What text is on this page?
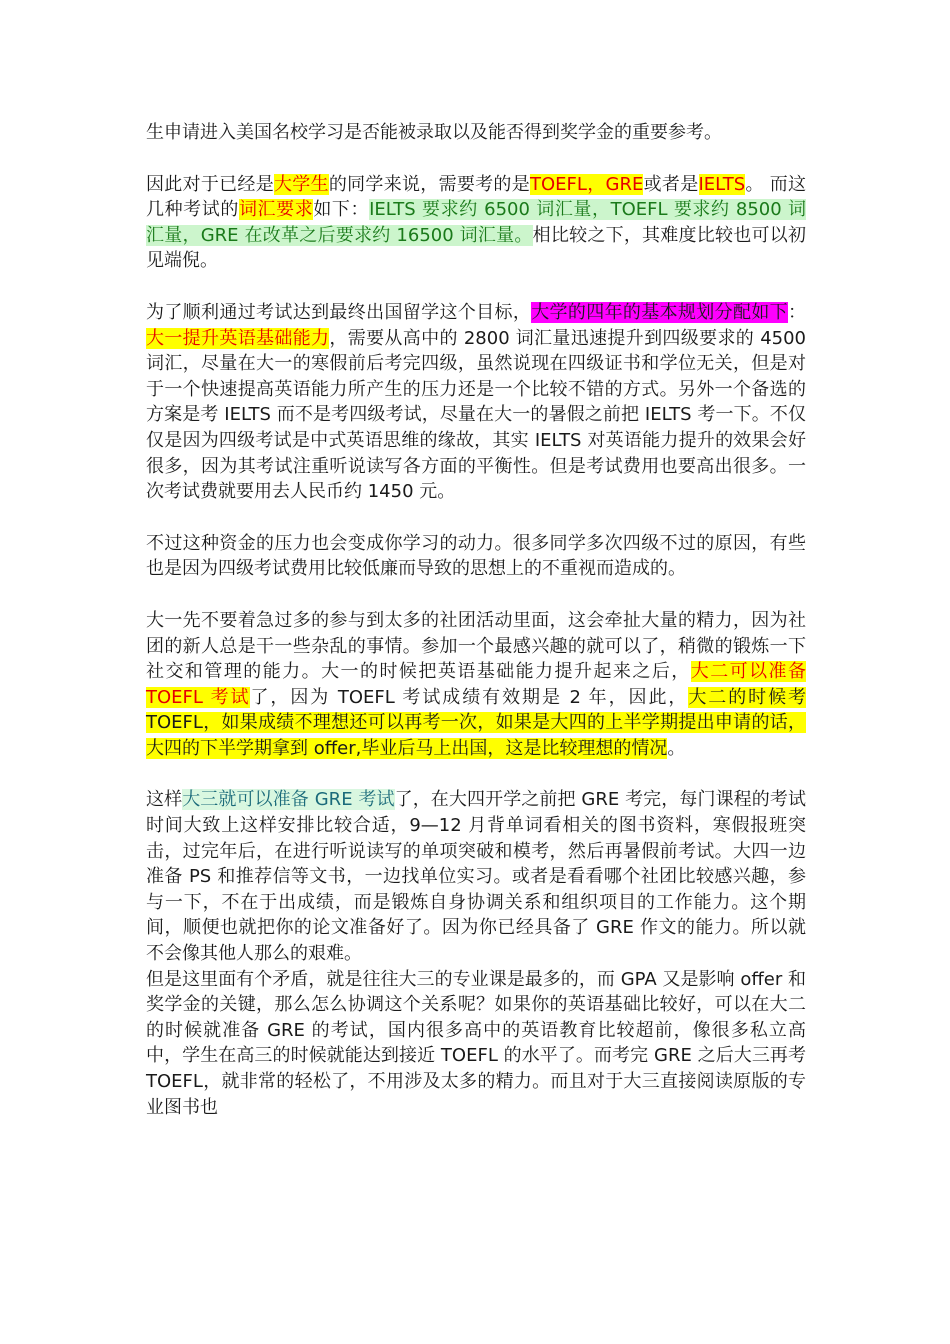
生申请进入美国名校学习是否能被录取以及能否得到奖学金的重要参考。

因此对于已经是大学生的同学来说，需要考的是TOEFL，GRE或者是IELTS。 而这几种考试的词汇要求如下：IELTS 要求约 6500 词汇量，TOEFL 要求约 8500 词汇量，GRE 在改革之后要求约 16500 词汇量。相比较之下，其难度比较也可以初见端倪。

为了顺利通过考试达到最终出国留学这个目标，大学的四年的基本规划分配如下：大一提升英语基础能力，需要从高中的 2800 词汇量迅速提升到四级要求的 4500 词汇，尽量在大一的寒假前后考完四级，虽然说现在四级证书和学位无关，但是对于一个快速提高英语能力所产生的压力还是一个比较不错的方式。另外一个备选的方案是考 IELTS 而不是考四级考试，尽量在大一的暑假之前把 IELTS 考一下。不仅仅是因为四级考试是中式英语思维的缘故，其实 IELTS 对英语能力提升的效果会好很多，因为其考试注重听说读写各方面的平衡性。但是考试费用也要高出很多。一次考试费就要用去人民币约 1450 元。

不过这种资金的压力也会变成你学习的动力。很多同学多次四级不过的原因，有些也是因为四级考试费用比较低廉而导致的思想上的不重视而造成的。

大一先不要着急过多的参与到太多的社团活动里面，这会牵扯大量的精力，因为社团的新人总是干一些杂乱的事情。参加一个最感兴趣的就可以了，稍微的锻炼一下社交和管理的能力。大一的时候把英语基础能力提升起来之后，大二可以准备 TOEFL 考试了，因为 TOEFL 考试成绩有效期是 2 年，因此，大二的时候考 TOEFL，如果成绩不理想还可以再考一次，如果是大四的上半学期提出申请的话，大四的下半学期拿到 offer,毕业后马上出国，这是比较理想的情况。

这样大三就可以准备 GRE 考试了，在大四开学之前把 GRE 考完，每门课程的考试时间大致上这样安排比较合适，9—12 月背单词看相关的图书资料，寒假报班突击，过完年后，在进行听说读写的单项突破和模考，然后再暑假前考试。大四一边准备 PS 和推荐信等文书，一边找单位实习。或者是看看哪个社团比较感兴趣，参与一下，不在于出成绩，而是锻炼自身协调关系和组织项目的工作能力。这个期间，顺便也就把你的论文准备好了。因为你已经具备了 GRE 作文的能力。所以就不会像其他人那么的艰难。

但是这里面有个矛盾，就是往往大三的专业课是最多的，而 GPA 又是影响 offer 和奖学金的关键，那么怎么协调这个关系呢？如果你的英语基础比较好，可以在大二的时候就准备 GRE 的考试，国内很多高中的英语教育比较超前，像很多私立高中，学生在高三的时候就能达到接近 TOEFL 的水平了。而考完 GRE 之后大三再考 TOEFL，就非常的轻松了，不用涉及太多的精力。而且对于大三直接阅读原版的专业图书也
